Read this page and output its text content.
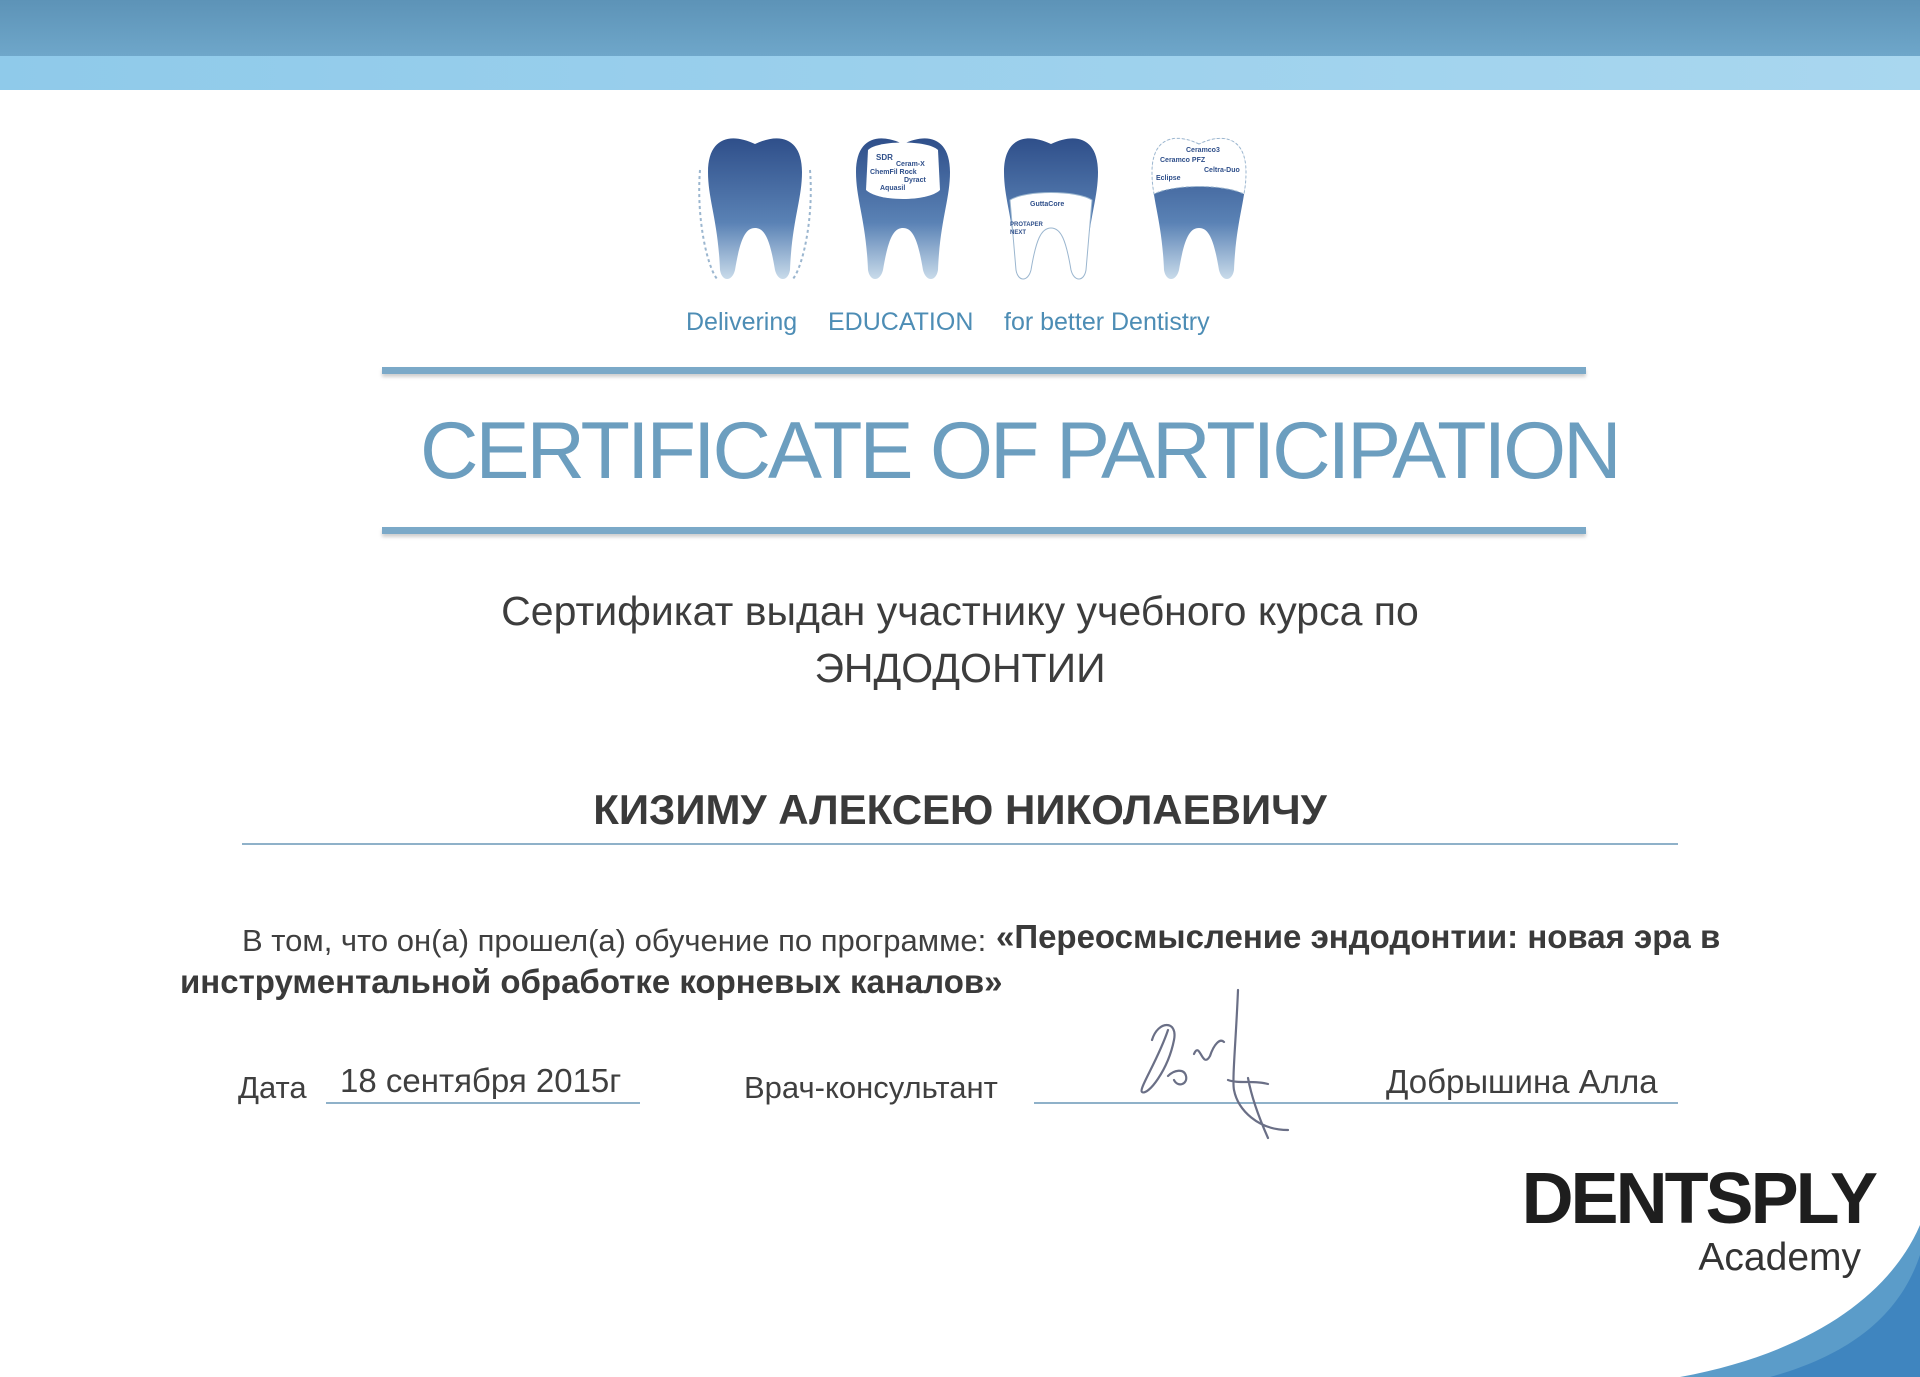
SDR
Ceram-X
ChemFil Rock
Dyract
Aquasil
GuttaCore
PROTAPER
NEXT
Ceramco3
Ceramco PFZ
Celtra-Duo
Eclipse
Delivering EDUCATION for better Dentistry
CERTIFICATE OF PARTICIPATION
Сертификат выдан участнику учебного курса по
ЭНДОДОНТИИ
КИЗИМУ АЛЕКСЕЮ НИКОЛАЕВИЧУ
В том, что он(а) прошел(а) обучение по программе: «Переосмысление эндодонтии: новая эра в
инструментальной обработке корневых каналов»
Дата 18 сентября 2015г	Врач-консультант	Добрышина Алла
DENTSPLY
Academy
